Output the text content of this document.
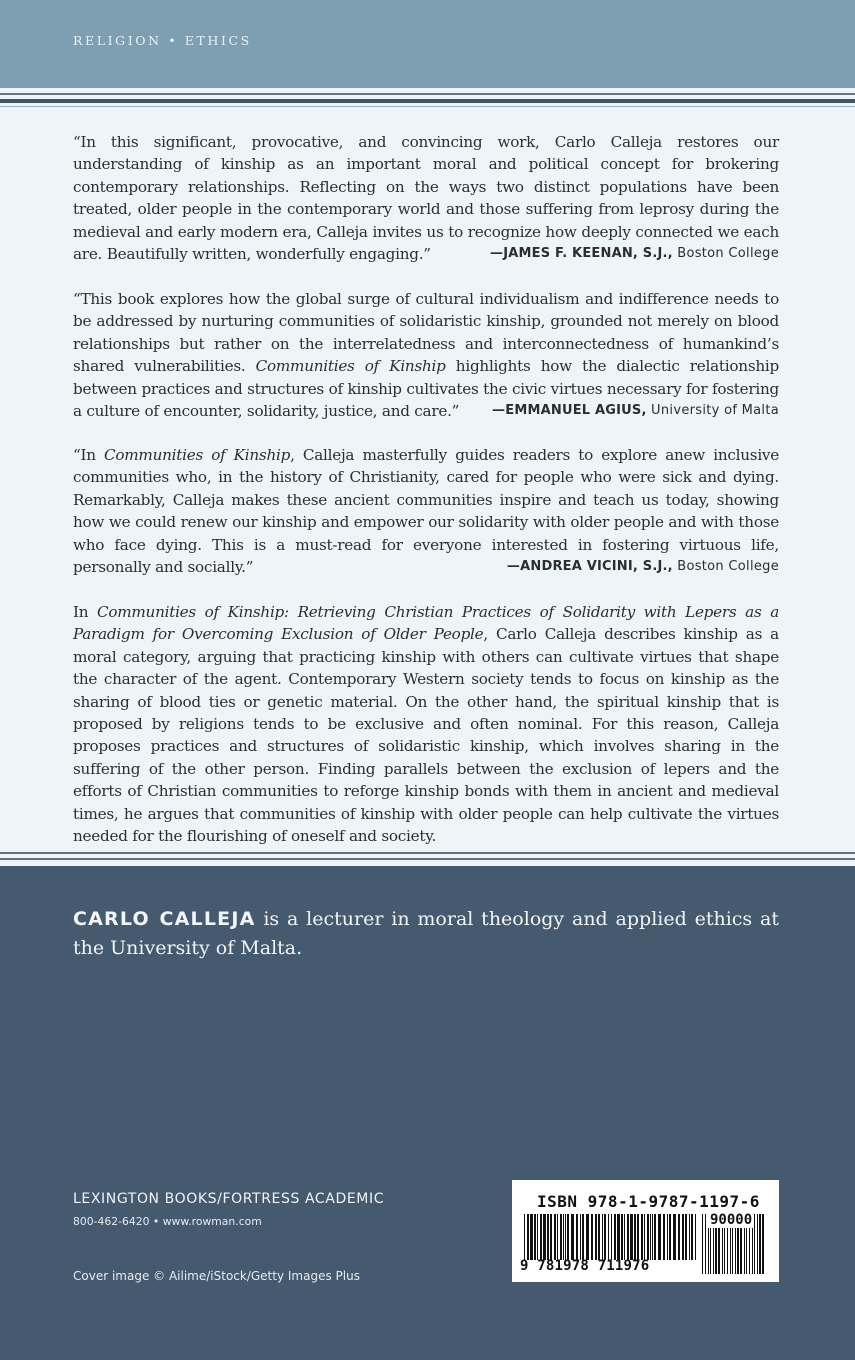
RELIGION • ETHICS
“In this significant, provocative, and convincing work, Carlo Calleja restores our understanding of kinship as an important moral and political concept for brokering contemporary relationships. Reflecting on the ways two distinct populations have been treated, older people in the contemporary world and those suffering from leprosy during the medieval and early modern era, Calleja invites us to recognize how deeply connected we each are. Beautifully written, wonderfully engaging.”	—JAMES F. KEENAN, S.J., Boston College
“This book explores how the global surge of cultural individualism and indifference needs to be addressed by nurturing communities of solidaristic kinship, grounded not merely on blood relationships but rather on the interrelatedness and interconnectedness of humankind’s shared vulnerabilities. Communities of Kinship highlights how the dialectic relationship between practices and structures of kinship cultivates the civic virtues necessary for fostering a culture of encounter, solidarity, justice, and care.”	—EMMANUEL AGIUS, University of Malta
“In Communities of Kinship, Calleja masterfully guides readers to explore anew inclusive communities who, in the history of Christianity, cared for people who were sick and dying. Remarkably, Calleja makes these ancient communities inspire and teach us today, showing how we could renew our kinship and empower our solidarity with older people and with those who face dying. This is a must-read for everyone interested in fostering virtuous life, personally and socially.”	—ANDREA VICINI, S.J., Boston College
In Communities of Kinship: Retrieving Christian Practices of Solidarity with Lepers as a Paradigm for Overcoming Exclusion of Older People, Carlo Calleja describes kinship as a moral category, arguing that practicing kinship with others can cultivate virtues that shape the character of the agent. Contemporary Western society tends to focus on kinship as the sharing of blood ties or genetic material. On the other hand, the spiritual kinship that is proposed by religions tends to be exclusive and often nominal. For this reason, Calleja proposes practices and structures of solidaristic kinship, which involves sharing in the suffering of the other person. Finding parallels between the exclusion of lepers and the efforts of Christian communities to reforge kinship bonds with them in ancient and medieval times, he argues that communities of kinship with older people can help cultivate the virtues needed for the flourishing of oneself and society.
CARLO CALLEJA is a lecturer in moral theology and applied ethics at the University of Malta.
LEXINGTON BOOKS/FORTRESS ACADEMIC
800-462-6420 • www.rowman.com
Cover image © Ailime/iStock/Getty Images Plus
ISBN 978-1-9787-1197-6
90000
9 781978 711976
